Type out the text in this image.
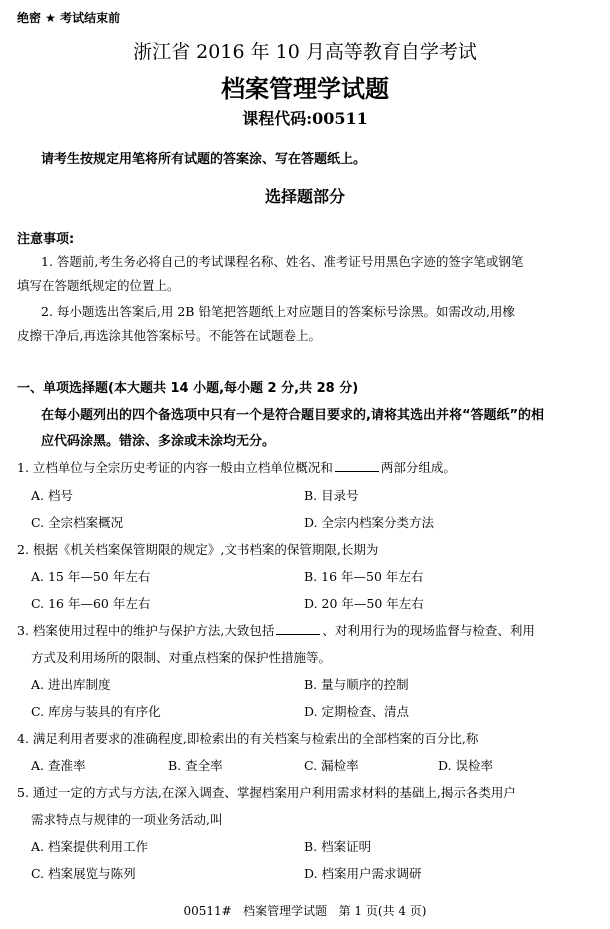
绝密 ★ 考试结束前
浙江省 2016 年 10 月高等教育自学考试
档案管理学试题
课程代码:00511
请考生按规定用笔将所有试题的答案涂、写在答题纸上。
选择题部分
注意事项:
1. 答题前,考生务必将自己的考试课程名称、姓名、准考证号用黑色字迹的签字笔或钢笔
填写在答题纸规定的位置上。
2. 每小题选出答案后,用 2B 铅笔把答题纸上对应题目的答案标号涂黑。如需改动,用橡
皮擦干净后,再选涂其他答案标号。不能答在试题卷上。
一、单项选择题(本大题共 14 小题,每小题 2 分,共 28 分)
在每小题列出的四个备选项中只有一个是符合题目要求的,请将其选出并将“答题纸”的相
应代码涂黑。错涂、多涂或未涂均无分。
1. 立档单位与全宗历史考证的内容一般由立档单位概况和	两部分组成。
A. 档号	B. 目录号
C. 全宗档案概况	D. 全宗内档案分类方法
2. 根据《机关档案保管期限的规定》,文书档案的保管期限,长期为
A. 15 年—50 年左右	B. 16 年—50 年左右
C. 16 年—60 年左右	D. 20 年—50 年左右
3. 档案使用过程中的维护与保护方法,大致包括	、对利用行为的现场监督与检查、利用
方式及利用场所的限制、对重点档案的保护性措施等。
A. 进出库制度	B. 量与顺序的控制
C. 库房与装具的有序化	D. 定期检查、清点
4. 满足利用者要求的准确程度,即检索出的有关档案与检索出的全部档案的百分比,称
A. 查准率	B. 查全率	C. 漏检率	D. 误检率
5. 通过一定的方式与方法,在深入调查、掌握档案用户利用需求材料的基础上,揭示各类用户
需求特点与规律的一项业务活动,叫
A. 档案提供利用工作	B. 档案证明
C. 档案展览与陈列	D. 档案用户需求调研
00511#   档案管理学试题   第 1 页(共 4 页)
